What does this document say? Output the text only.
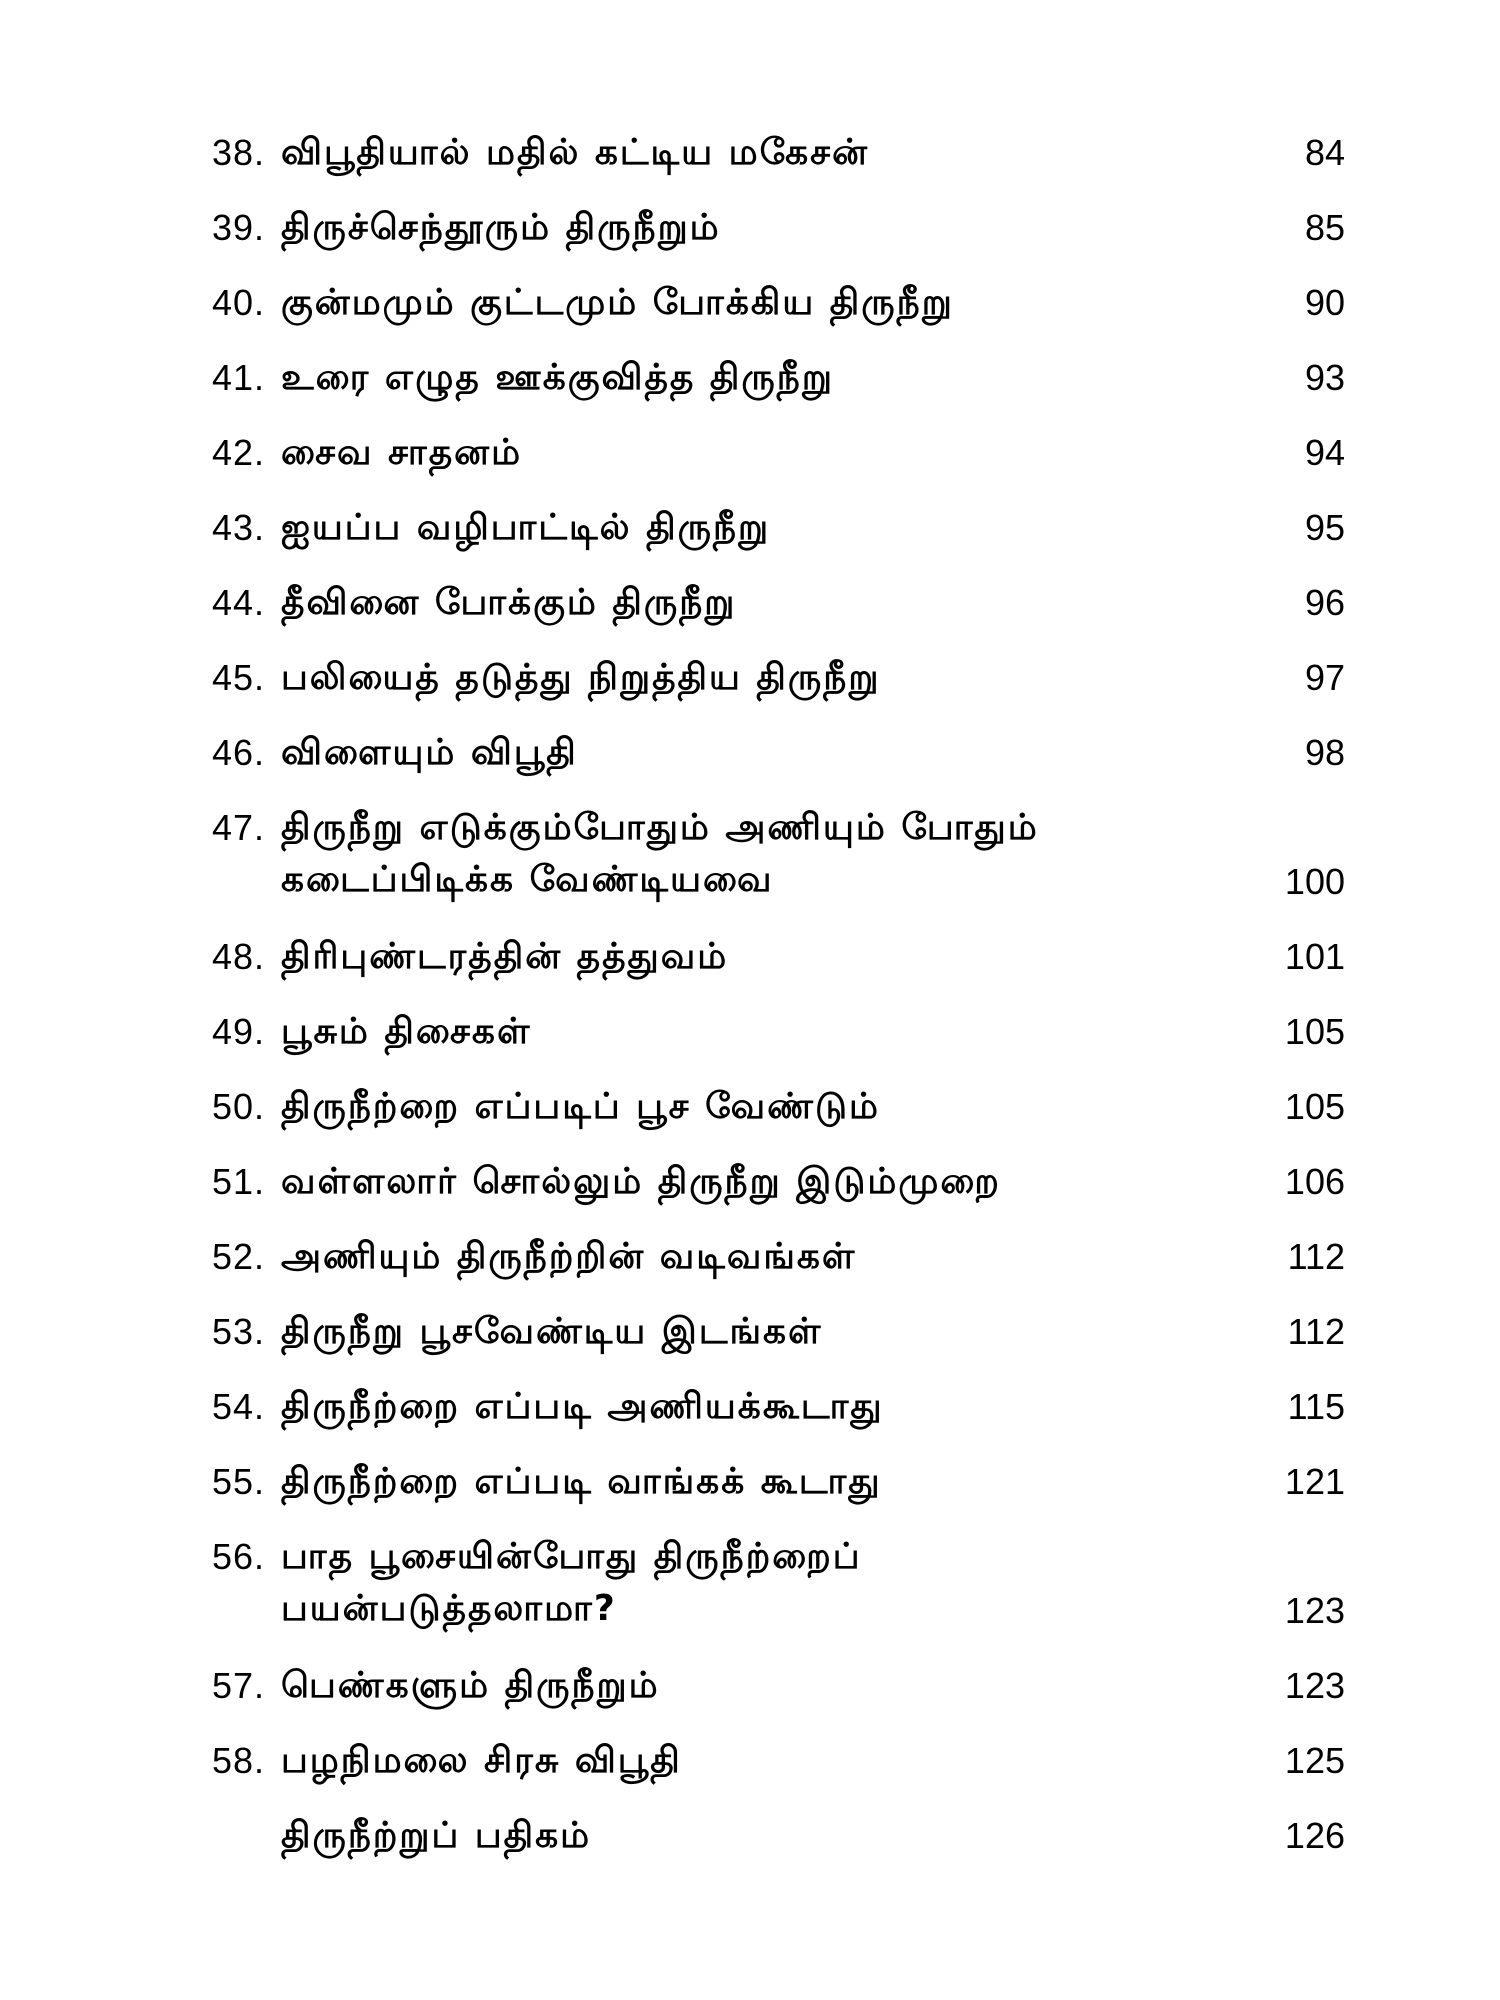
38. விபூதியால் மதில் கட்டிய மகேசன்	84
39. திருச்செந்தூரும் திருநீறும்	85
40. குன்மமும் குட்டமும் போக்கிய திருநீறு	90
41. உரை எழுத ஊக்குவித்த திருநீறு	93
42. சைவ சாதனம்	94
43. ஐயப்ப வழிபாட்டில் திருநீறு	95
44. தீவினை போக்கும் திருநீறு	96
45. பலியைத் தடுத்து நிறுத்திய திருநீறு	97
46. விளையும் விபூதி	98
47. திருநீறு எடுக்கும்போதும் அணியும் போதும்
கடைப்பிடிக்க வேண்டியவை	100
48. திரிபுண்டரத்தின் தத்துவம்	101
49. பூசும் திசைகள்	105
50. திருநீற்றை எப்படிப் பூச வேண்டும்	105
51. வள்ளலார் சொல்லும் திருநீறு இடும்முறை	106
52. அணியும் திருநீற்றின் வடிவங்கள்	112
53. திருநீறு பூசவேண்டிய இடங்கள்	112
54. திருநீற்றை எப்படி அணியக்கூடாது	115
55. திருநீற்றை எப்படி வாங்கக் கூடாது	121
56. பாத பூசையின்போது திருநீற்றைப்
பயன்படுத்தலாமா?	123
57. பெண்களும் திருநீறும்	123
58. பழநிமலை சிரசு விபூதி	125
திருநீற்றுப் பதிகம்	126
